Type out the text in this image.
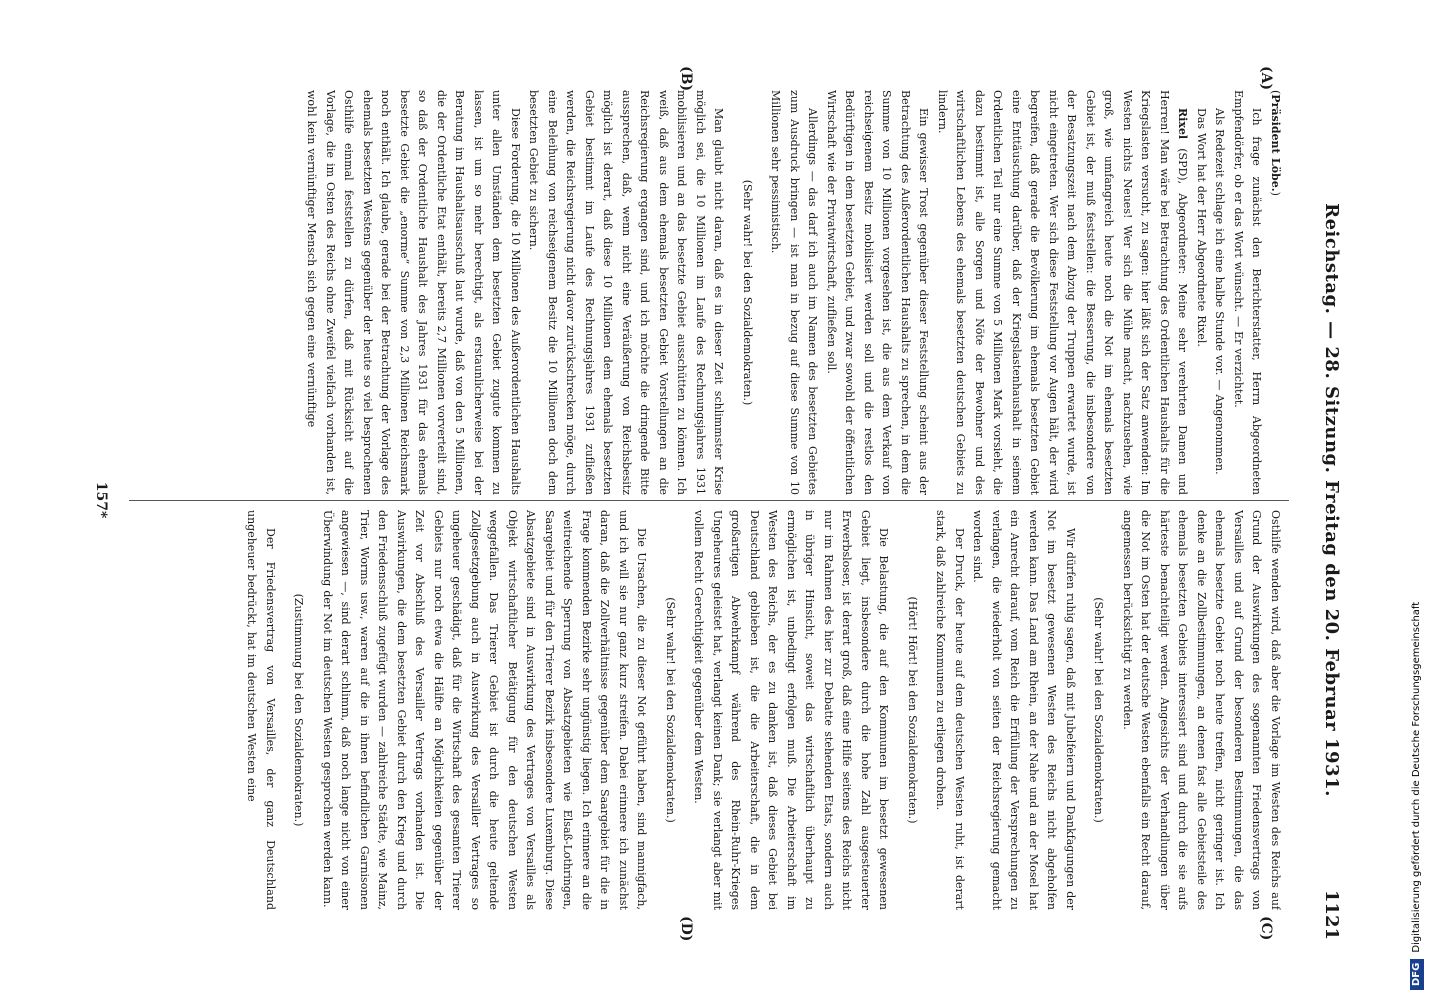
Reichstag. — 28. Sitzung. Freitag den 20. Februar 1931.
1121
(A)
(B)
(C)
(D)

(Präsident Löbe.)

Ich frage zunächst den Berichterstatter, Herrn Abgeordneten Empfendörfer, ob er das Wort wünscht. — Er verzichtet.

Als Redezeit schlage ich eine halbe Stunde vor. — Angenommen.

Das Wort hat der Herr Abgeordnete Rixel.

Rixel (SPD), Abgeordneter: Meine sehr verehrten Damen und Herren! Man wäre bei Betrachtung des Ordentlichen Haushalts für die Kriegslasten versucht, zu sagen: hier läßt sich der Satz anwenden: Im Westen nichts Neues! Wer sich die Mühe macht, nachzusehen, wie groß, wie umfangreich heute noch die Not im ehemals besetzten Gebiet ist, der muß feststellen: die Besserung, die insbesondere von der Besatzungszeit nach dem Abzug der Truppen erwartet wurde, ist nicht eingetreten. Wer sich diese Feststellung vor Augen hält, der wird begreifen, daß gerade die Bevölkerung im ehemals besetzten Gebiet eine Enttäuschung darüber, daß der Kriegslastenhaushalt in seinem Ordentlichen Teil nur eine Summe von 5 Millionen Mark vorsieht, die dazu bestimmt ist, alle Sorgen und Nöte der Bewohner und des wirtschaftlichen Lebens des ehemals besetzten deutschen Gebiets zu lindern.

Ein gewisser Trost gegenüber dieser Feststellung scheint aus der Betrachtung des Außerordentlichen Haushalts zu sprechen, in dem die Summe von 10 Millionen vorgesehen ist, die aus dem Verkauf von reichseigenem Besitz mobilisiert werden soll und die restlos den Bedürftigen in dem besetzten Gebiet, und zwar sowohl der öffentlichen Wirtschaft wie der Privatwirtschaft, zufließen soll.

Allerdings — das darf ich auch im Namen des besetzten Gebietes zum Ausdruck bringen — ist man in bezug auf diese Summe von 10 Millionen sehr pessimistisch.

(Sehr wahr! bei den Sozialdemokraten.)

Man glaubt nicht daran, daß es in dieser Zeit schlimmster Krise möglich sei, die 10 Millionen im Laufe des Rechnungsjahres 1931 mobilisieren und an das besetzte Gebiet ausschütten zu können. Ich weiß, daß aus dem ehemals besetzten Gebiet Vorstellungen an die Reichsregierung ergangen sind, und ich möchte die dringende Bitte aussprechen, daß, wenn nicht eine Veräußerung von Reichsbesitz möglich ist derart, daß diese 10 Millionen dem ehemals besetzten Gebiet bestimmt im Laufe des Rechnungsjahres 1931 zufließen werden, die Reichsregierung nicht davor zurückschrecken möge, durch eine Beleihung von reichseigenem Besitz die 10 Millionen doch dem besetzten Gebiet zu sichern.

Diese Forderung, die 10 Millionen des Außerordentlichen Haushalts unter allen Umständen dem besetzten Gebiet zugute kommen zu lassen, ist um so mehr berechtigt, als erstaunlicherweise bei der Beratung im Haushaltsausschuß laut wurde, daß von den 5 Millionen, die der Ordentliche Etat enthält, bereits 2,7 Millionen vorverteilt sind, so daß der Ordentliche Haushalt des Jahres 1931 für das ehemals besetzte Gebiet die „enorme“ Summe von 2,3 Millionen Reichsmark noch enthält. Ich glaube, gerade bei der Betrachtung der Vorlage des ehemals besetzten Westens gegenüber der heute so viel besprochenen Osthilfe einmal feststellen zu dürfen, daß mit Rücksicht auf die Vorlage, die im Osten des Reichs ohne Zweifel vielfach vorhanden ist, wohl kein vernünftiger Mensch sich gegen eine vernünftige

Osthilfe wenden wird, daß aber die Vorlage im Westen des Reichs auf Grund der Auswirkungen des sogenannten Friedensvertrags von Versailles und auf Grund der besonderen Bestimmungen, die das ehemals besetzte Gebiet noch heute treffen, nicht geringer ist. Ich denke an die Zollbestimmungen, an denen fast alle Gebietsteile des ehemals besetzten Gebiets interessiert sind und durch die sie aufs härteste benachteiligt werden. Angesichts der Verhandlungen über die Not im Osten hat der deutsche Westen ebenfalls ein Recht darauf, angemessen berücksichtigt zu werden.

(Sehr wahr! bei den Sozialdemokraten.)

Wir dürfen ruhig sagen, daß mit Jubelfeiern und Dankfagungen der Not im besetzt gewesenen Westen des Reichs nicht abgeholfen werden kann. Das Land am Rhein, an der Nahe und an der Mosel hat ein Anrecht darauf, vom Reich die Erfüllung der Versprechungen zu verlangen, die wiederholt von seiten der Reichsregierung gemacht worden sind.

Der Druck, der heute auf dem deutschen Westen ruht, ist derart stark, daß zahlreiche Kommunen zu erliegen drohen.

(Hört! Hört! bei den Sozialdemokraten.)

Die Belastung, die auf den Kommunen im besetzt gewesenen Gebiet liegt, insbesondere durch die hohe Zahl ausgesteuerter Erwerbsloser, ist derart groß, daß eine Hilfe seitens des Reichs nicht nur im Rahmen des hier zur Debatte stehenden Etats, sondern auch in übriger Hinsicht, soweit das wirtschaftlich überhaupt zu ermöglichen ist, unbedingt erfolgen muß. Die Arbeiterschaft im Westen des Reichs, der es zu danken ist, daß dieses Gebiet bei Deutschland geblieben ist, die die Arbeiterschaft, die in dem großartigen Abwehrkampf während des Rhein-Ruhr-Krieges Ungeheures geleistet hat, verlangt keinen Dank; sie verlangt aber mit vollem Recht Gerechtigkeit gegenüber dem Westen.

(Sehr wahr! bei den Sozialdemokraten.)

Die Ursachen, die zu dieser Not geführt haben, sind mannigfach, und ich will sie nur ganz kurz streifen. Dabei erinnere ich zunächst daran, daß die Zollverhältnisse gegenüber dem Saargebiet für die in Frage kommenden Bezirke sehr ungünstig liegen. Ich erinnere an die weitreichende Sperrung von Absatzgebieten wie Elsaß-Lothringen, Saargebiet und für den Trierer Bezirk insbesondere Luxemburg. Diese Absatzgebiete sind in Auswirkung des Vertrages von Versailles als Objekt wirtschaftlicher Betätigung für den deutschen Westen weggefallen. Das Trierer Gebiet ist durch die heute geltende Zollgesetzgebung auch in Auswirkung des Versailler Vertrages so ungeheuer geschädigt, daß für die Wirtschaft des gesamten Trierer Gebiets nur noch etwa die Hälfte an Möglichkeiten gegenüber der Zeit vor Abschluß des Versailler Vertrags vorhanden ist. Die Auswirkungen, die dem besetzten Gebiet durch den Krieg und durch den Friedensschluß zugefügt wurden — zahlreiche Städte, wie Mainz, Trier, Worms usw., waren auf die in ihnen befindlichen Garnisonen angewiesen —, sind derart schlimm, daß noch lange nicht von einer Überwindung der Not im deutschen Westen gesprochen werden kann.

(Zustimmung bei den Sozialdemokraten.)

Der Friedensvertrag von Versailles, der ganz Deutschland ungeheuer bedrückt, hat im deutschen Westen eine

157*
DFGDigitalisierung gefördert durch die Deutsche Forschungsgemeinschaft
